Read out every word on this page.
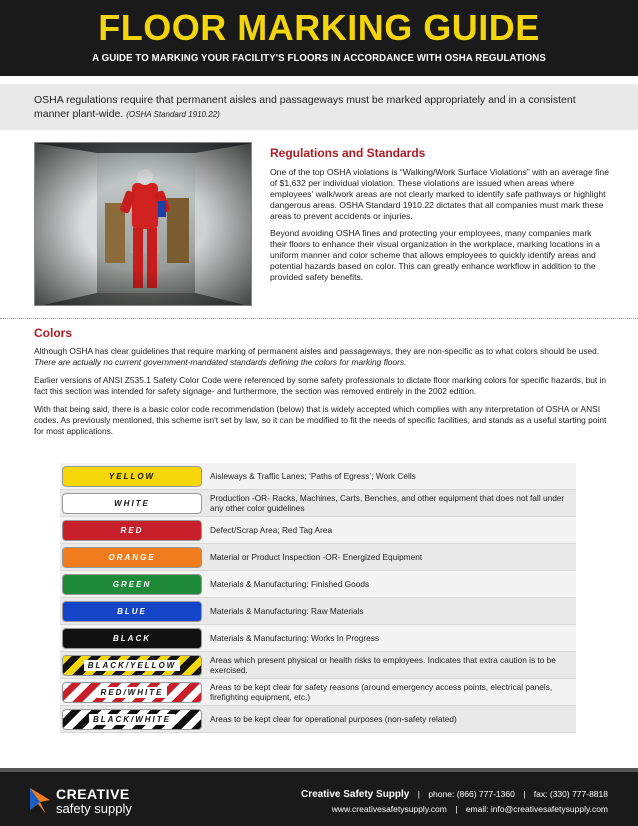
FLOOR MARKING GUIDE
A GUIDE TO MARKING YOUR FACILITY'S FLOORS IN ACCORDANCE WITH OSHA REGULATIONS
OSHA regulations require that permanent aisles and passageways must be marked appropriately and in a consistent manner plant-wide. (OSHA Standard 1910.22)
Regulations and Standards

One of the top OSHA violations is “Walking/Work Surface Violations” with an average fine of $1,632 per individual violation. These violations are issued when areas where employees' walk/work areas are not clearly marked to identify safe pathways or highlight dangerous areas. OSHA Standard 1910.22 dictates that all companies must mark these areas to prevent accidents or injuries.

Beyond avoiding OSHA fines and protecting your employees, many companies mark their floors to enhance their visual organization in the workplace, marking locations in a uniform manner and color scheme that allows employees to quickly identify areas and potential hazards based on color. This can greatly enhance workflow in addition to the provided safety benefits.

Colors

Although OSHA has clear guidelines that require marking of permanent aisles and passageways, they are non-specific as to what colors should be used. There are actually no current government-mandated standards defining the colors for marking floors.

Earlier versions of ANSI Z535.1 Safety Color Code were referenced by some safety professionals to dictate floor marking colors for specific hazards, but in fact this section was intended for safety signage- and furthermore, the section was removed entirely in the 2002 edition.

With that being said, there is a basic color code recommendation (below) that is widely accepted which complies with any interpretation of OSHA or ANSI codes. As previously mentioned, this scheme isn't set by law, so it can be modified to fit the needs of specific facilities, and stands as a useful starting point for most applications.

YELLOW	Aisleways & Traffic Lanes; ‘Paths of Egress’; Work Cells
WHITE	Production -OR- Racks, Machines, Carts, Benches, and other equipment that does not fall under any other color guidelines
RED	Defect/Scrap Area; Red Tag Area
ORANGE	Material or Product Inspection -OR- Energized Equipment
GREEN	Materials & Manufacturing: Finished Goods
BLUE	Materials & Manufacturing: Raw Materials
BLACK	Materials & Manufacturing: Works In Progress
BLACK/YELLOW	Areas which present physical or health risks to employees. Indicates that extra caution is to be exercised.
RED/WHITE	Areas to be kept clear for safety reasons (around emergency access points, electrical panels, firefighting equipment, etc.)
BLACK/WHITE	Areas to be kept clear for operational purposes (non-safety related)
CREATIVE
safety supply
Creative Safety Supply | phone: (866) 777-1360 | fax: (330) 777-8818
www.creativesafetysupply.com | email: info@creativesafetysupply.com
